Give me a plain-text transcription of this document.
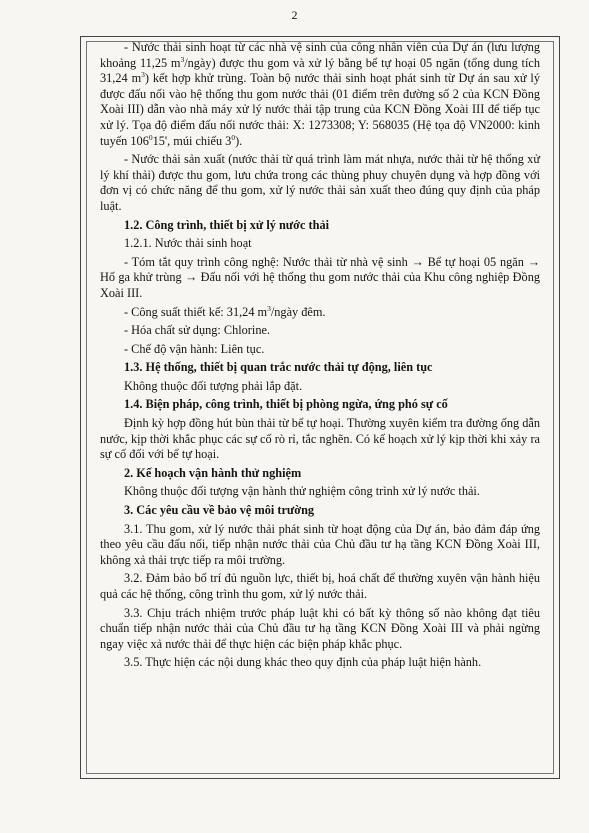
2

- Nước thải sinh hoạt từ các nhà vệ sinh của công nhân viên của Dự án (lưu lượng khoảng 11,25 $m^3/ngày$) được thu gom và xử lý bằng bể tự hoại 05 ngăn (tổng dung tích 31,24 $m^3$) kết hợp khử trùng. Toàn bộ nước thải sinh hoạt phát sinh từ Dự án sau xử lý được đấu nối vào hệ thống thu gom nước thải (01 điểm trên đường số 2 của KCN Đồng Xoài III) dẫn vào nhà máy xử lý nước thải tập trung của KCN Đồng Xoài III để tiếp tục xử lý. Tọa độ điểm đấu nối nước thải: X: 1273308; Y: 568035 (Hệ tọa độ VN2000: kinh tuyến $106^015'$, múi chiếu $3^0$).

- Nước thải sản xuất (nước thải từ quá trình làm mát nhựa, nước thải từ hệ thống xử lý khí thải) được thu gom, lưu chứa trong các thùng phuy chuyên dụng và hợp đồng với đơn vị có chức năng để thu gom, xử lý nước thải sản xuất theo đúng quy định của pháp luật.

1.2. Công trình, thiết bị xử lý nước thải

1.2.1. Nước thải sinh hoạt

- Tóm tắt quy trình công nghệ: Nước thải từ nhà vệ sinh → Bể tự hoại 05 ngăn → Hố ga khử trùng → Đấu nối với hệ thống thu gom nước thải của Khu công nghiệp Đồng Xoài III.

- Công suất thiết kế: 31,24 $m^3$/ngày đêm.

- Hóa chất sử dụng: Chlorine.

- Chế độ vận hành: Liên tục.

1.3. Hệ thống, thiết bị quan trắc nước thải tự động, liên tục

Không thuộc đối tượng phải lắp đặt.

1.4. Biện pháp, công trình, thiết bị phòng ngừa, ứng phó sự cố

Định kỳ hợp đồng hút bùn thải từ bể tự hoại. Thường xuyên kiểm tra đường ống dẫn nước, kịp thời khắc phục các sự cố rò rỉ, tắc nghẽn. Có kế hoạch xử lý kịp thời khi xảy ra sự cố đối với bể tự hoại.

2. Kế hoạch vận hành thử nghiệm

Không thuộc đối tượng vận hành thử nghiệm công trình xử lý nước thải.

3. Các yêu cầu về bảo vệ môi trường

3.1. Thu gom, xử lý nước thải phát sinh từ hoạt động của Dự án, bảo đảm đáp ứng theo yêu cầu đấu nối, tiếp nhận nước thải của Chủ đầu tư hạ tầng KCN Đồng Xoài III, không xả thải trực tiếp ra môi trường.

3.2. Đảm bảo bố trí đủ nguồn lực, thiết bị, hoá chất để thường xuyên vận hành hiệu quả các hệ thống, công trình thu gom, xử lý nước thải.

3.3. Chịu trách nhiệm trước pháp luật khi có bất kỳ thông số nào không đạt tiêu chuẩn tiếp nhận nước thải của Chủ đầu tư hạ tầng KCN Đồng Xoài III và phải ngừng ngay việc xả nước thải để thực hiện các biện pháp khắc phục.

3.5. Thực hiện các nội dung khác theo quy định của pháp luật hiện hành.
